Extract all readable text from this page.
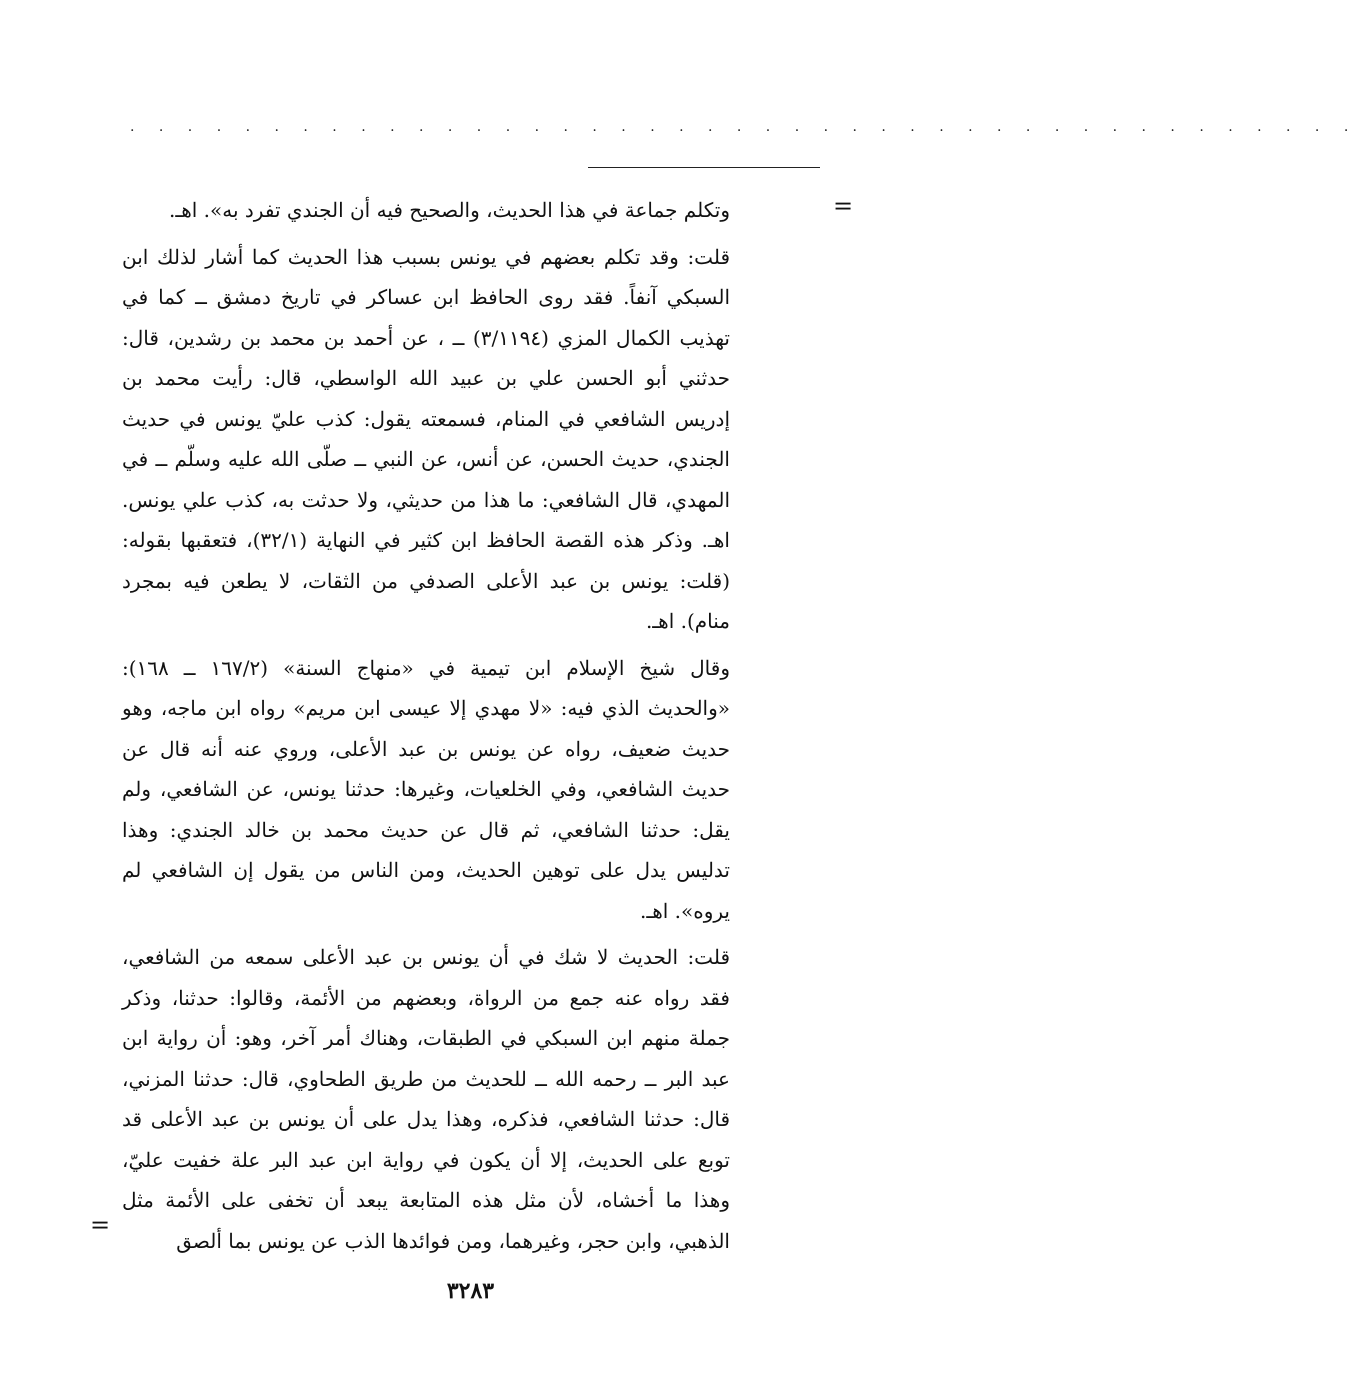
. . . . . . . . . . . . . . . . . . . . . . . . . . . . . . . . . . . . . . . . . . .
=

وتكلم جماعة في هذا الحديث، والصحيح فيه أن الجندي تفرد به». اهـ.

قلت: وقد تكلم بعضهم في يونس بسبب هذا الحديث كما أشار لذلك ابن السبكي آنفاً. فقد روى الحافظ ابن عساكر في تاريخ دمشق ــ كما في تهذيب الكمال المزي (٣/١١٩٤) ــ ، عن أحمد بن محمد بن رشدين، قال: حدثني أبو الحسن علي بن عبيد الله الواسطي، قال: رأيت محمد بن إدريس الشافعي في المنام، فسمعته يقول: كذب عليّ يونس في حديث الجندي، حديث الحسن، عن أنس، عن النبي ــ صلّى الله عليه وسلّم ــ في المهدي، قال الشافعي: ما هذا من حديثي، ولا حدثت به، كذب علي يونس. اهـ. وذكر هذه القصة الحافظ ابن كثير في النهاية (٣٢/١)، فتعقبها بقوله: (قلت: يونس بن عبد الأعلى الصدفي من الثقات، لا يطعن فيه بمجرد منام). اهـ.

وقال شيخ الإسلام ابن تيمية في «منهاج السنة» (١٦٧/٢ ــ ١٦٨): «والحديث الذي فيه: «لا مهدي إلا عيسى ابن مريم» رواه ابن ماجه، وهو حديث ضعيف، رواه عن يونس بن عبد الأعلى، وروي عنه أنه قال عن حديث الشافعي، وفي الخلعيات، وغيرها: حدثنا يونس، عن الشافعي، ولم يقل: حدثنا الشافعي، ثم قال عن حديث محمد بن خالد الجندي: وهذا تدليس يدل على توهين الحديث، ومن الناس من يقول إن الشافعي لم يروه». اهـ.

قلت: الحديث لا شك في أن يونس بن عبد الأعلى سمعه من الشافعي، فقد رواه عنه جمع من الرواة، وبعضهم من الأئمة، وقالوا: حدثنا، وذكر جملة منهم ابن السبكي في الطبقات، وهناك أمر آخر، وهو: أن رواية ابن عبد البر ــ رحمه الله ــ للحديث من طريق الطحاوي، قال: حدثنا المزني، قال: حدثنا الشافعي، فذكره، وهذا يدل على أن يونس بن عبد الأعلى قد توبع على الحديث، إلا أن يكون في رواية ابن عبد البر علة خفيت عليّ، وهذا ما أخشاه، لأن مثل هذه المتابعة يبعد أن تخفى على الأئمة مثل الذهبي، وابن حجر، وغيرهما، ومن فوائدها الذب عن يونس بما ألصق

=
٣٢٨٣
